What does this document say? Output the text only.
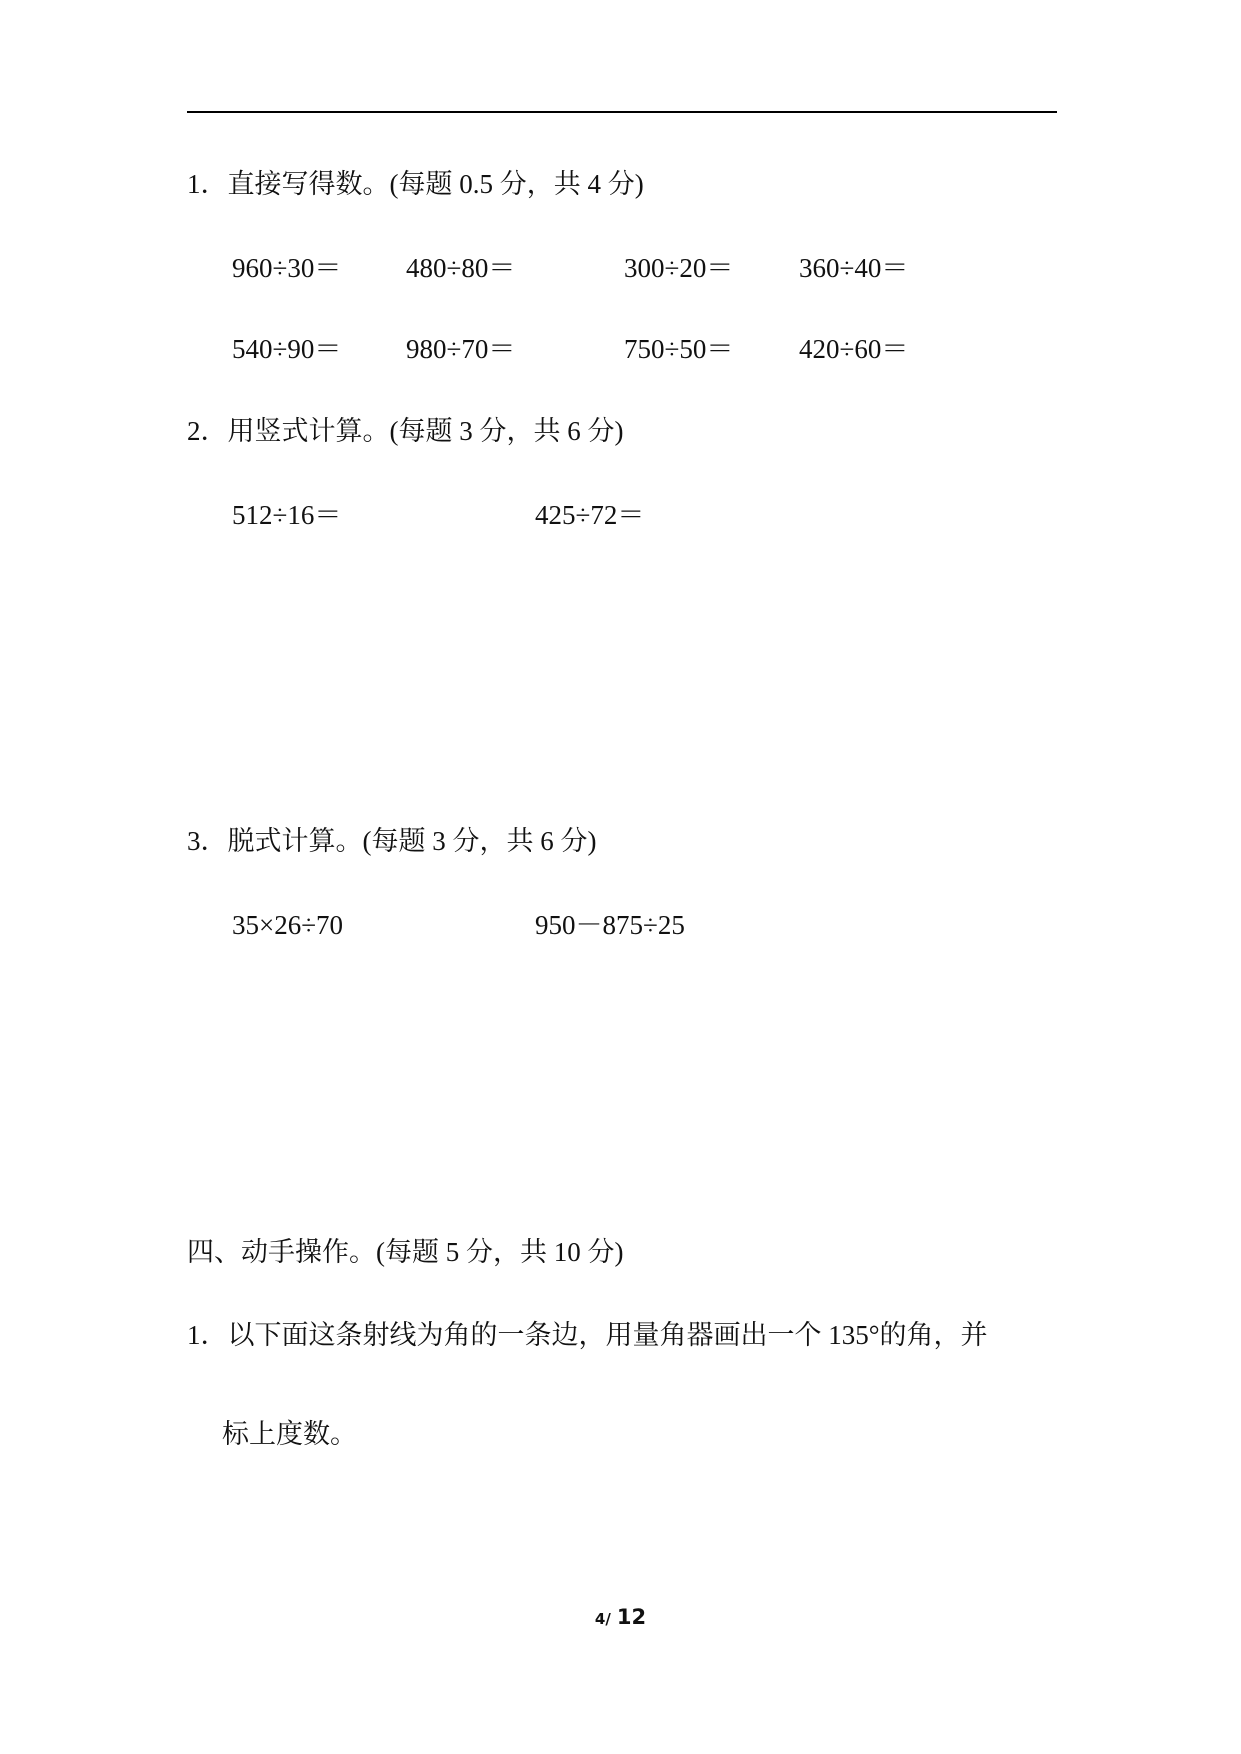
1．直接写得数。(每题 0.5 分，共 4 分)
960÷30＝ 480÷80＝	300÷20＝ 360÷40＝
540÷90＝ 980÷70＝	750÷50＝ 420÷60＝
2．用竖式计算。(每题 3 分，共 6 分)
512÷16＝	425÷72＝
3．脱式计算。(每题 3 分，共 6 分)
35×26÷70	950－875÷25
四、动手操作。(每题 5 分，共 10 分)
1．以下面这条射线为角的一条边，用量角器画出一个 135°的角，并
标上度数。
4/ 12
